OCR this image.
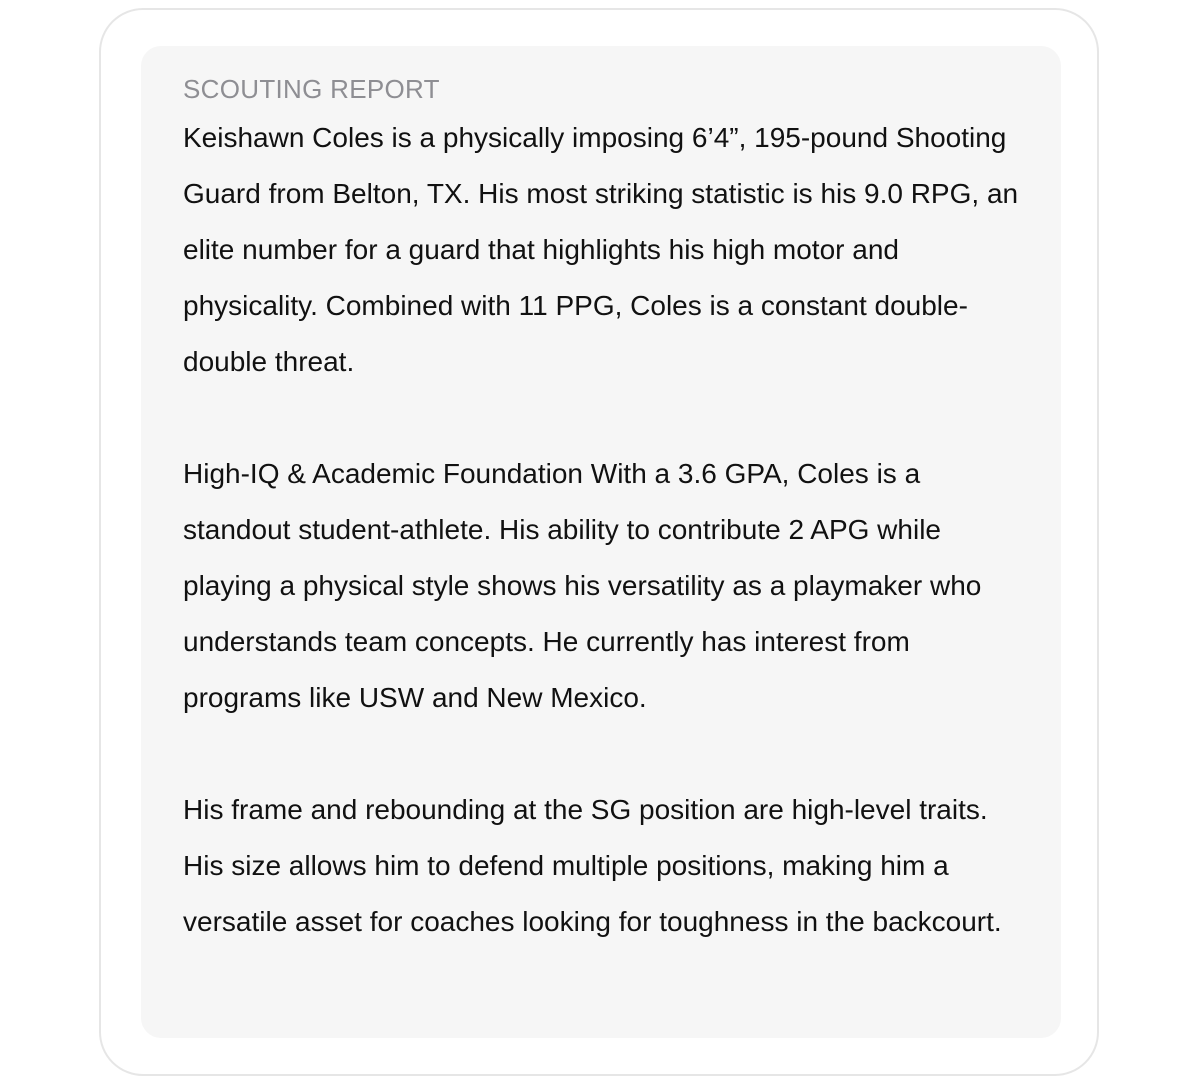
SCOUTING REPORT

Keishawn Coles is a physically imposing 6’4”, 195-pound Shooting Guard from Belton, TX. His most striking statistic is his 9.0 RPG, an elite number for a guard that highlights his high motor and physicality. Combined with 11 PPG, Coles is a constant double-double threat.

High-IQ & Academic Foundation With a 3.6 GPA, Coles is a standout student-athlete. His ability to contribute 2 APG while playing a physical style shows his versatility as a playmaker who understands team concepts. He currently has interest from programs like USW and New Mexico.

His frame and rebounding at the SG position are high-level traits. His size allows him to defend multiple positions, making him a versatile asset for coaches looking for toughness in the backcourt.
